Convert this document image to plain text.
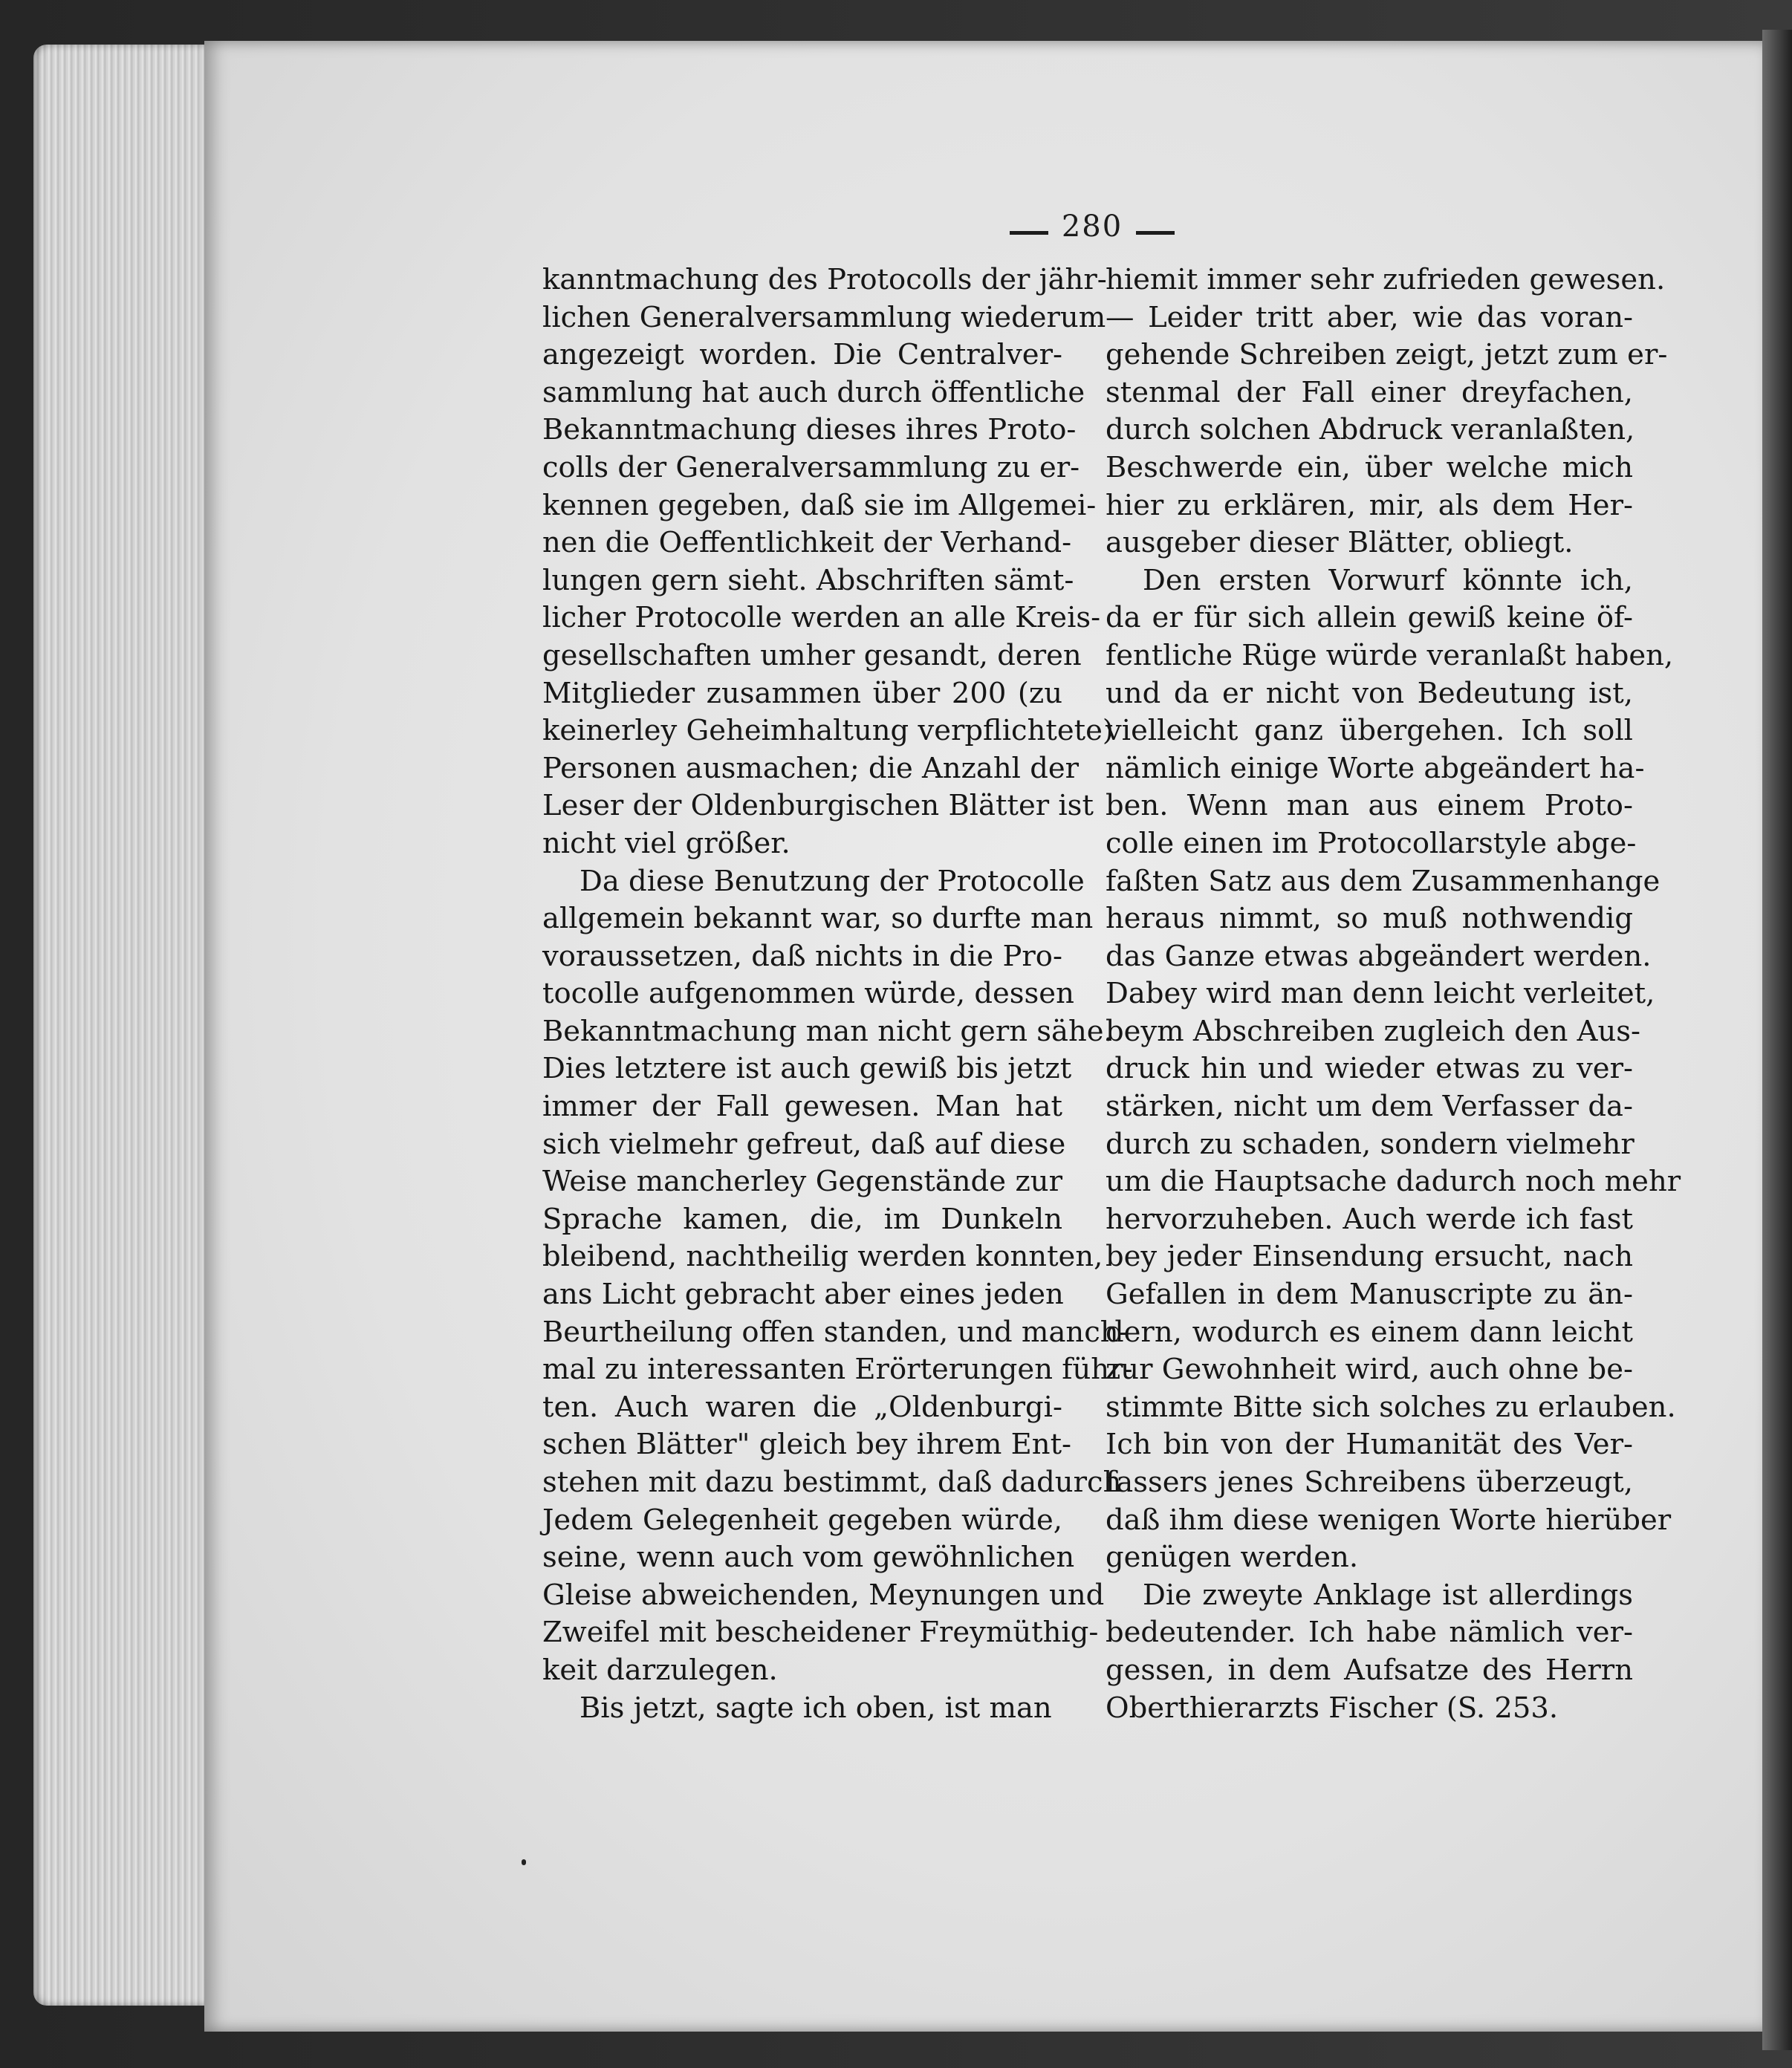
280
kanntmachung des Protocolls der jähr-
lichen Generalversammlung wiederum
angezeigt worden. Die Centralver-
sammlung hat auch durch öffentliche
Bekanntmachung dieses ihres Proto-
colls der Generalversammlung zu er-
kennen gegeben, daß sie im Allgemei-
nen die Oeffentlichkeit der Verhand-
lungen gern sieht. Abschriften sämt-
licher Protocolle werden an alle Kreis-
gesellschaften umher gesandt, deren
Mitglieder zusammen über 200 (zu
keinerley Geheimhaltung verpflichtete)
Personen ausmachen; die Anzahl der
Leser der Oldenburgischen Blätter ist
nicht viel größer.
Da diese Benutzung der Protocolle
allgemein bekannt war, so durfte man
voraussetzen, daß nichts in die Pro-
tocolle aufgenommen würde, dessen
Bekanntmachung man nicht gern sähe.
Dies letztere ist auch gewiß bis jetzt
immer der Fall gewesen. Man hat
sich vielmehr gefreut, daß auf diese
Weise mancherley Gegenstände zur
Sprache kamen, die, im Dunkeln
bleibend, nachtheilig werden konnten,
ans Licht gebracht aber eines jeden
Beurtheilung offen standen, und manch-
mal zu interessanten Erörterungen führ-
ten. Auch waren die „Oldenburgi-
schen Blätter" gleich bey ihrem Ent-
stehen mit dazu bestimmt, daß dadurch
Jedem Gelegenheit gegeben würde,
seine, wenn auch vom gewöhnlichen
Gleise abweichenden, Meynungen und
Zweifel mit bescheidener Freymüthig-
keit darzulegen.
Bis jetzt, sagte ich oben, ist man
hiemit immer sehr zufrieden gewesen.
— Leider tritt aber, wie das voran-
gehende Schreiben zeigt, jetzt zum er-
stenmal der Fall einer dreyfachen,
durch solchen Abdruck veranlaßten,
Beschwerde ein, über welche mich
hier zu erklären, mir, als dem Her-
ausgeber dieser Blätter, obliegt.
Den ersten Vorwurf könnte ich,
da er für sich allein gewiß keine öf-
fentliche Rüge würde veranlaßt haben,
und da er nicht von Bedeutung ist,
vielleicht ganz übergehen. Ich soll
nämlich einige Worte abgeändert ha-
ben. Wenn man aus einem Proto-
colle einen im Protocollarstyle abge-
faßten Satz aus dem Zusammenhange
heraus nimmt, so muß nothwendig
das Ganze etwas abgeändert werden.
Dabey wird man denn leicht verleitet,
beym Abschreiben zugleich den Aus-
druck hin und wieder etwas zu ver-
stärken, nicht um dem Verfasser da-
durch zu schaden, sondern vielmehr
um die Hauptsache dadurch noch mehr
hervorzuheben. Auch werde ich fast
bey jeder Einsendung ersucht, nach
Gefallen in dem Manuscripte zu än-
dern, wodurch es einem dann leicht
zur Gewohnheit wird, auch ohne be-
stimmte Bitte sich solches zu erlauben.
Ich bin von der Humanität des Ver-
fassers jenes Schreibens überzeugt,
daß ihm diese wenigen Worte hierüber
genügen werden.
Die zweyte Anklage ist allerdings
bedeutender. Ich habe nämlich ver-
gessen, in dem Aufsatze des Herrn
Oberthierarzts Fischer (S. 253.
